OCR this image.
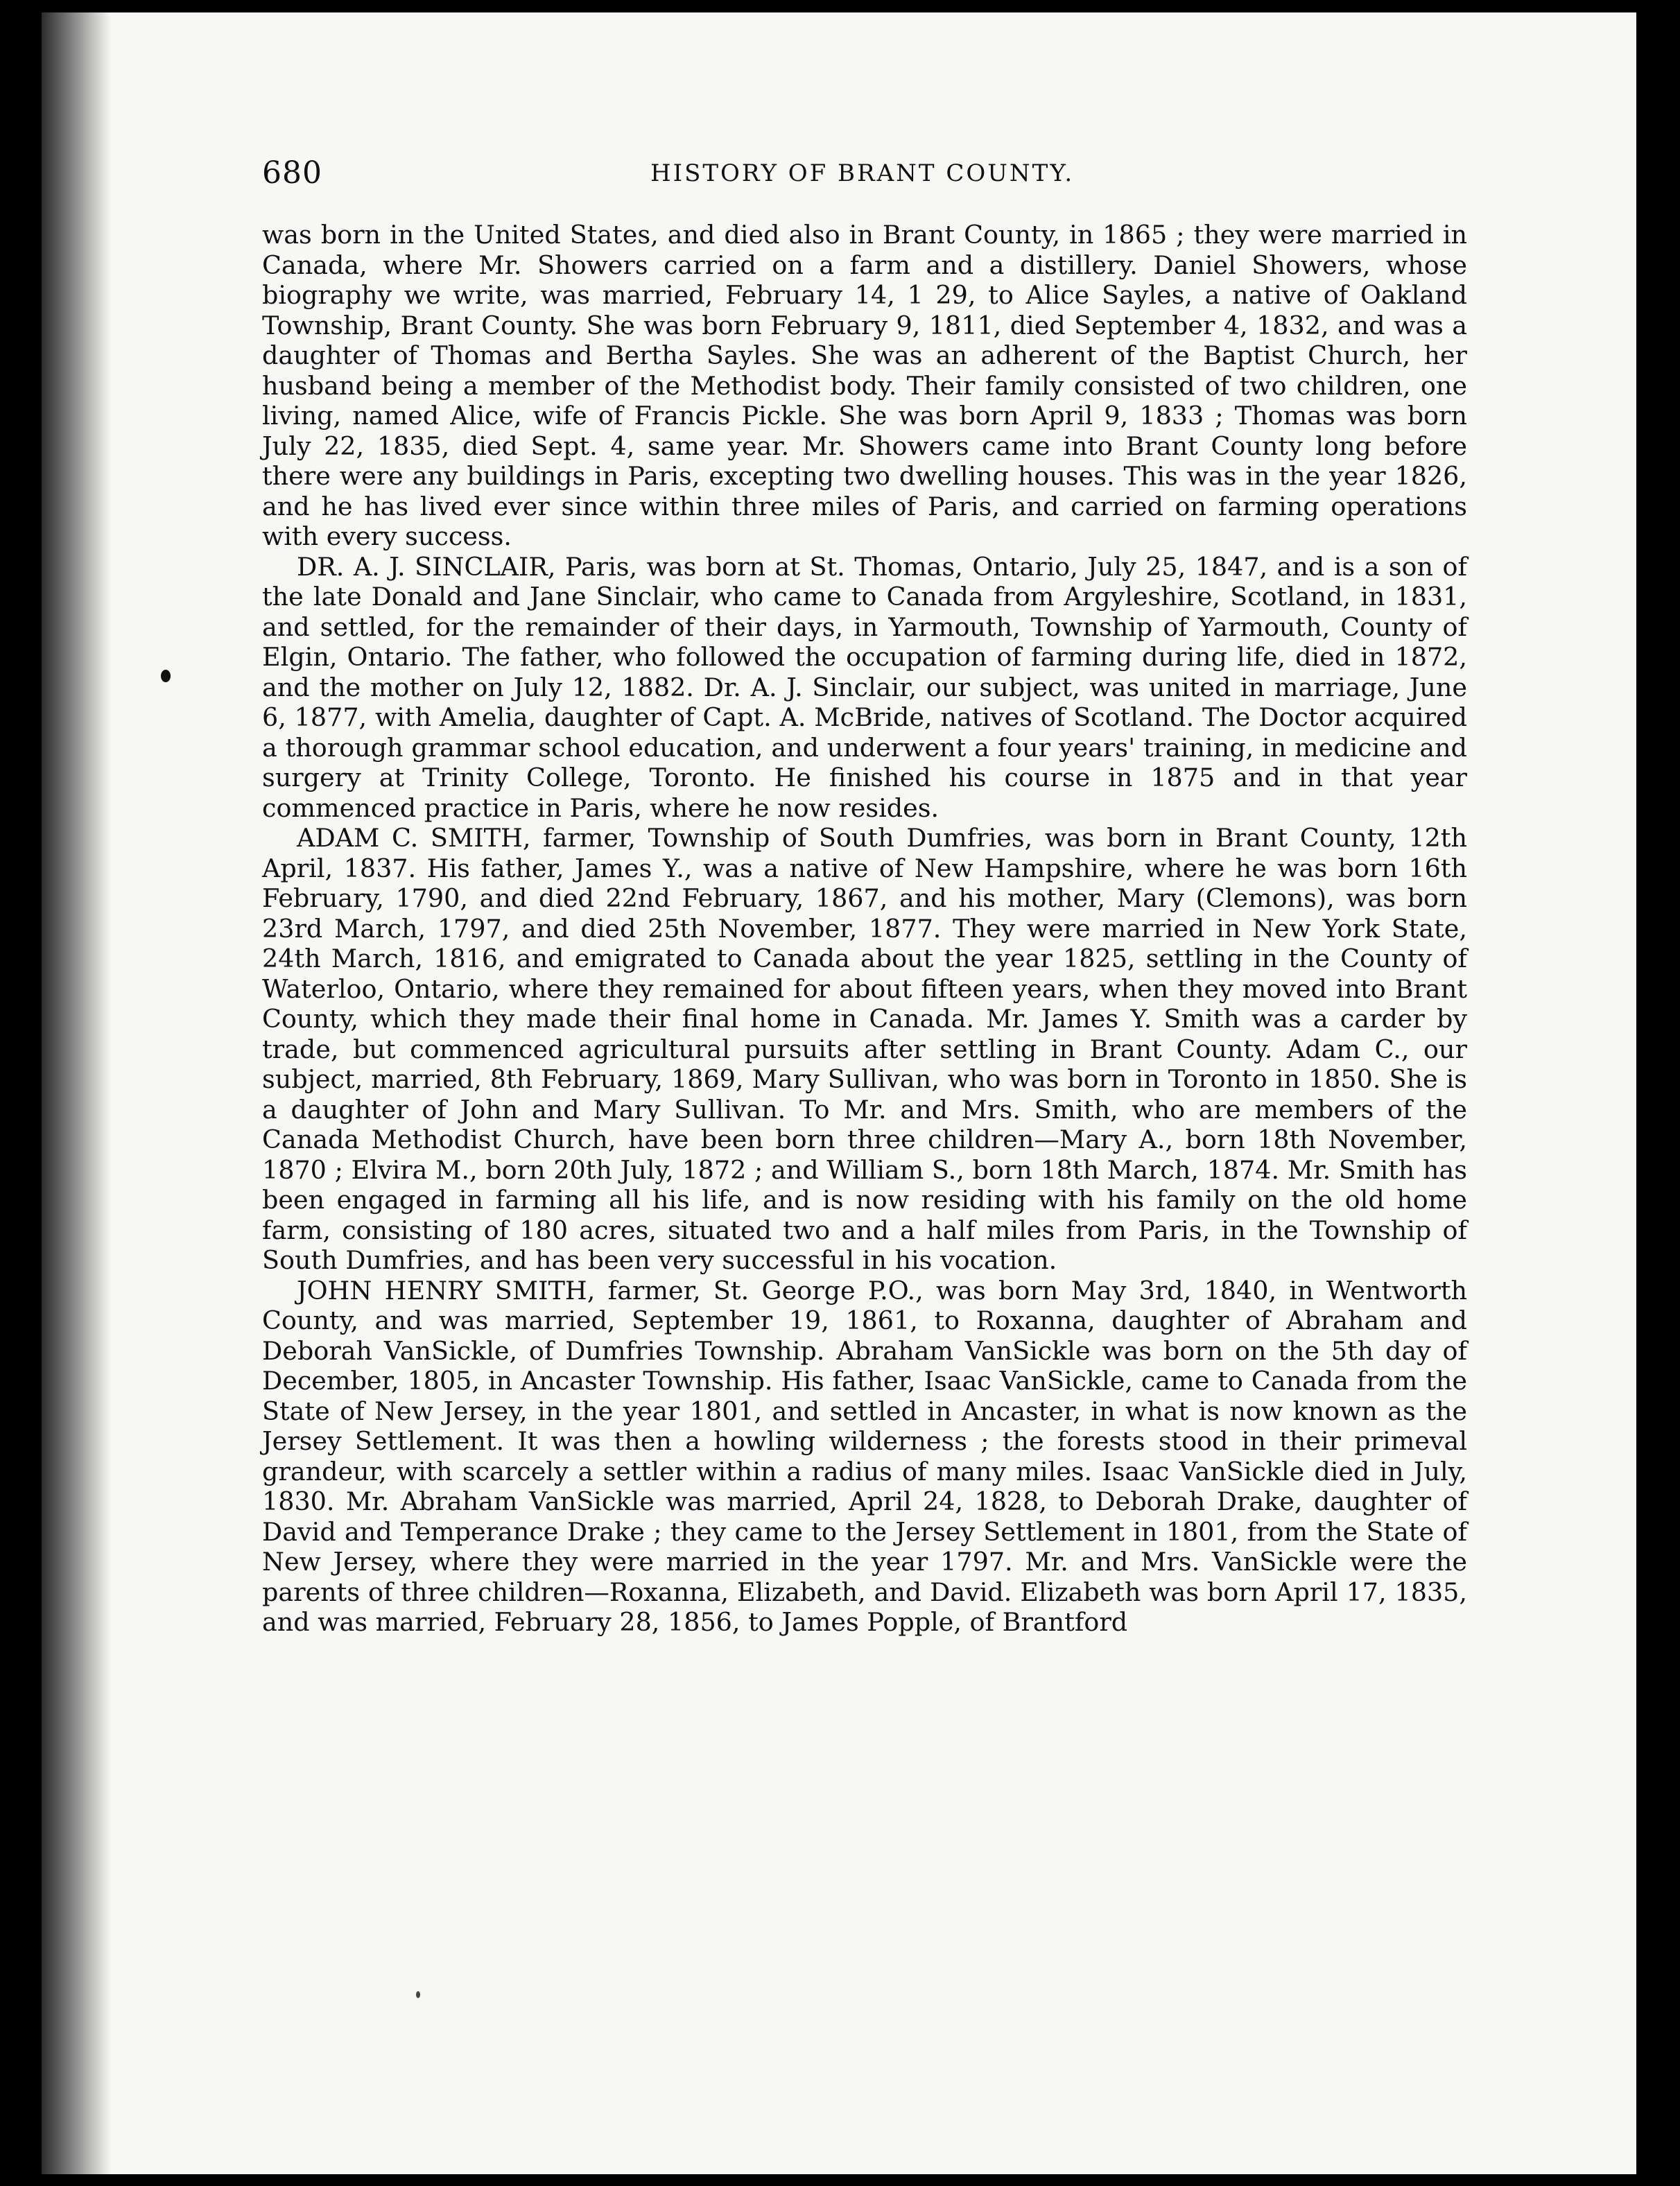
680	HISTORY OF BRANT COUNTY.

was born in the United States, and died also in Brant County, in 1865 ; they were married in Canada, where Mr. Showers carried on a farm and a distillery. Daniel Showers, whose biography we write, was married, February 14, 1 29, to Alice Sayles, a native of Oakland Township, Brant County. She was born February 9, 1811, died September 4, 1832, and was a daughter of Thomas and Bertha Sayles. She was an adherent of the Baptist Church, her husband being a member of the Methodist body. Their family consisted of two children, one living, named Alice, wife of Francis Pickle. She was born April 9, 1833 ; Thomas was born July 22, 1835, died Sept. 4, same year. Mr. Showers came into Brant County long before there were any buildings in Paris, excepting two dwelling houses. This was in the year 1826, and he has lived ever since within three miles of Paris, and carried on farming operations with every success.

DR. A. J. SINCLAIR, Paris, was born at St. Thomas, Ontario, July 25, 1847, and is a son of the late Donald and Jane Sinclair, who came to Canada from Argyleshire, Scotland, in 1831, and settled, for the remainder of their days, in Yarmouth, Township of Yarmouth, County of Elgin, Ontario. The father, who followed the occupation of farming during life, died in 1872, and the mother on July 12, 1882. Dr. A. J. Sinclair, our subject, was united in marriage, June 6, 1877, with Amelia, daughter of Capt. A. McBride, natives of Scotland. The Doctor acquired a thorough grammar school education, and underwent a four years' training, in medicine and surgery at Trinity College, Toronto. He finished his course in 1875 and in that year commenced practice in Paris, where he now resides.

ADAM C. SMITH, farmer, Township of South Dumfries, was born in Brant County, 12th April, 1837. His father, James Y., was a native of New Hampshire, where he was born 16th February, 1790, and died 22nd February, 1867, and his mother, Mary (Clemons), was born 23rd March, 1797, and died 25th November, 1877. They were married in New York State, 24th March, 1816, and emigrated to Canada about the year 1825, settling in the County of Waterloo, Ontario, where they remained for about fifteen years, when they moved into Brant County, which they made their final home in Canada. Mr. James Y. Smith was a carder by trade, but commenced agricultural pursuits after settling in Brant County. Adam C., our subject, married, 8th February, 1869, Mary Sullivan, who was born in Toronto in 1850. She is a daughter of John and Mary Sullivan. To Mr. and Mrs. Smith, who are members of the Canada Methodist Church, have been born three children—Mary A., born 18th November, 1870 ; Elvira M., born 20th July, 1872 ; and William S., born 18th March, 1874. Mr. Smith has been engaged in farming all his life, and is now residing with his family on the old home farm, consisting of 180 acres, situated two and a half miles from Paris, in the Township of South Dumfries, and has been very successful in his vocation.

JOHN HENRY SMITH, farmer, St. George P.O., was born May 3rd, 1840, in Wentworth County, and was married, September 19, 1861, to Roxanna, daughter of Abraham and Deborah VanSickle, of Dumfries Township. Abraham VanSickle was born on the 5th day of December, 1805, in Ancaster Township. His father, Isaac VanSickle, came to Canada from the State of New Jersey, in the year 1801, and settled in Ancaster, in what is now known as the Jersey Settlement. It was then a howling wilderness ; the forests stood in their primeval grandeur, with scarcely a settler within a radius of many miles. Isaac VanSickle died in July, 1830. Mr. Abraham VanSickle was married, April 24, 1828, to Deborah Drake, daughter of David and Temperance Drake ; they came to the Jersey Settlement in 1801, from the State of New Jersey, where they were married in the year 1797. Mr. and Mrs. VanSickle were the parents of three children—Roxanna, Elizabeth, and David. Elizabeth was born April 17, 1835, and was married, February 28, 1856, to James Popple, of Brantford
